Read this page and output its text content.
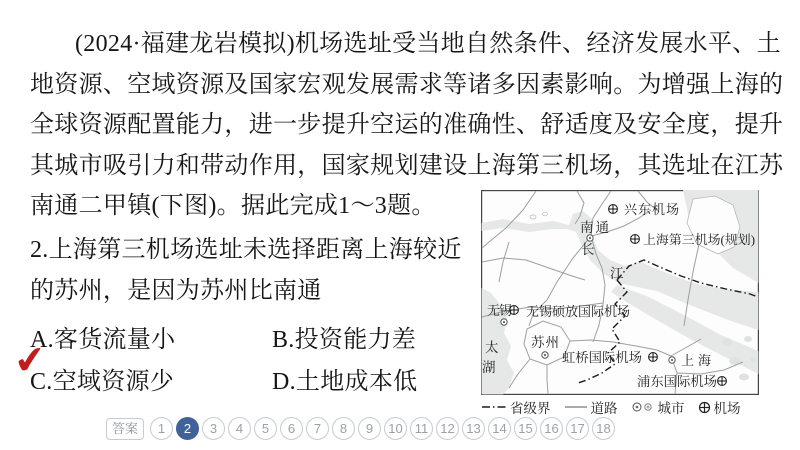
(2024·福建龙岩模拟)机场选址受当地自然条件、经济发展水平、土
地资源、空域资源及国家宏观发展需求等诸多因素影响。为增强上海的
全球资源配置能力，进一步提升空运的准确性、舒适度及安全度，提升
其城市吸引力和带动作用，国家规划建设上海第三机场，其选址在江苏
南通二甲镇(下图)。据此完成1～3题。
2.上海第三机场选址未选择距离上海较近
的苏州，是因为苏州比南通
A.客货流量小	B.投资能力差
C.空域资源少	D.土地成本低
✔
兴东机场
南通
长
江
上海第三机场(规划)
无锡 无锡硕放国际机场
太
湖
苏州
虹桥国际机场	上海
浦东国际机场
省级界	道路	城市 机场
答案	1	2	3	4	5	6	7	8	9	10 11 12 13 14 15 16 17 18
